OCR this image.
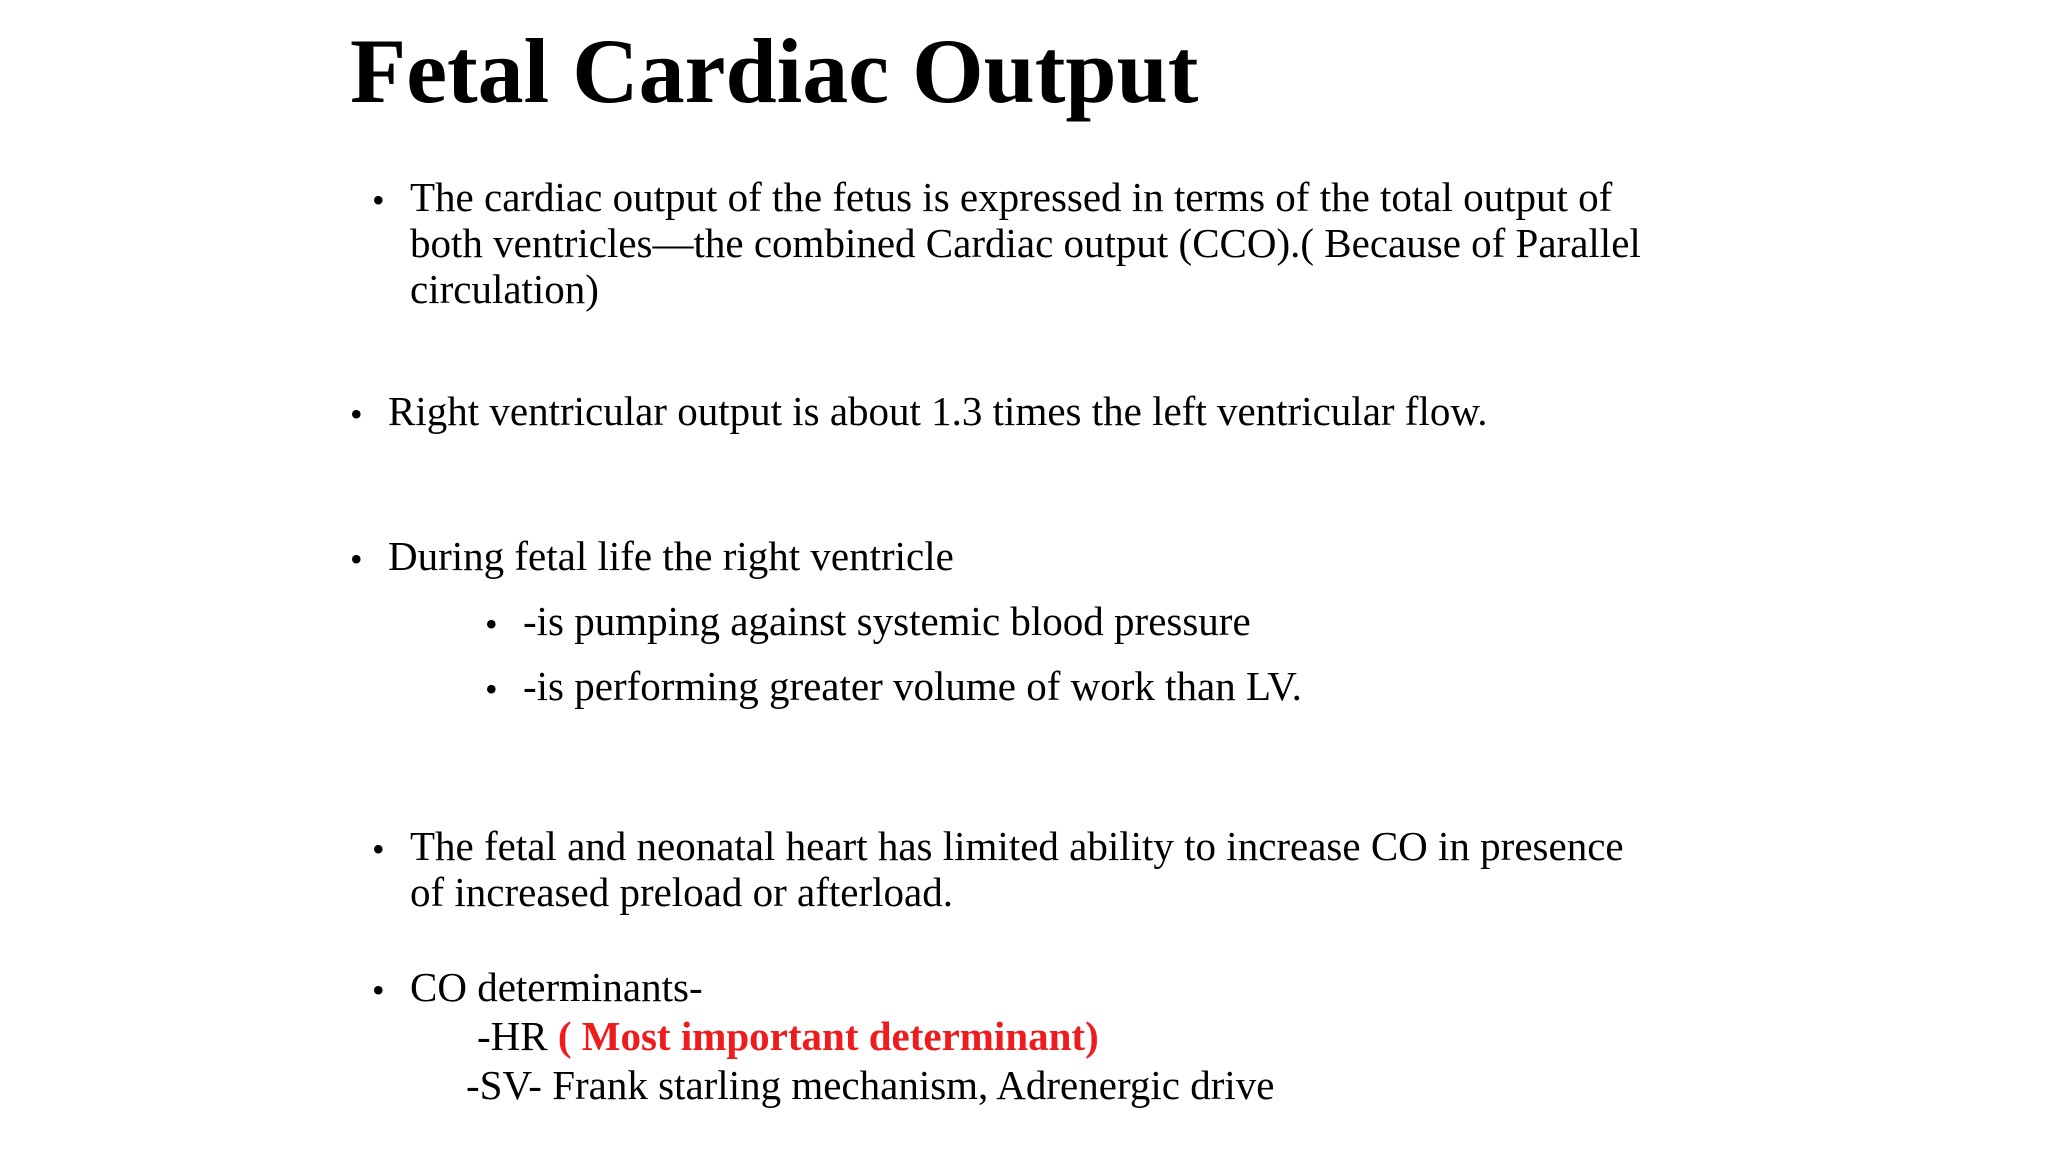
Fetal Cardiac Output
• The cardiac output of the fetus is expressed in terms of the total output of
both ventricles—the combined Cardiac output (CCO).( Because of Parallel
circulation)
• Right ventricular output is about 1.3 times the left ventricular flow.
• During fetal life the right ventricle
• -is pumping against systemic blood pressure
• -is performing greater volume of work than LV.
• The fetal and neonatal heart has limited ability to increase CO in presence
of increased preload or afterload.
• CO determinants-
-HR ( Most important determinant)
-SV- Frank starling mechanism, Adrenergic drive
